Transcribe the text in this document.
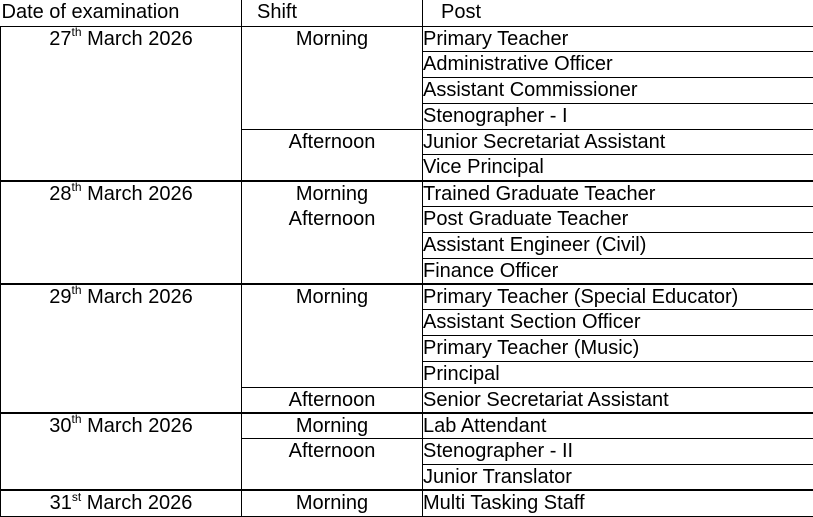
Date of examination	Shift	Post
27th March 2026	Morning	Primary Teacher
		Administrative Officer
		Assistant Commissioner
		Stenographer - I
	Afternoon	Junior Secretariat Assistant
		Vice Principal
28th March 2026	Morning	Trained Graduate Teacher
	Afternoon	Post Graduate Teacher
		Assistant Engineer (Civil)
		Finance Officer
29th March 2026	Morning	Primary Teacher (Special Educator)
		Assistant Section Officer
		Primary Teacher (Music)
		Principal
	Afternoon	Senior Secretariat Assistant
30th March 2026	Morning	Lab Attendant
	Afternoon	Stenographer - II
		Junior Translator
31st March 2026	Morning	Multi Tasking Staff
